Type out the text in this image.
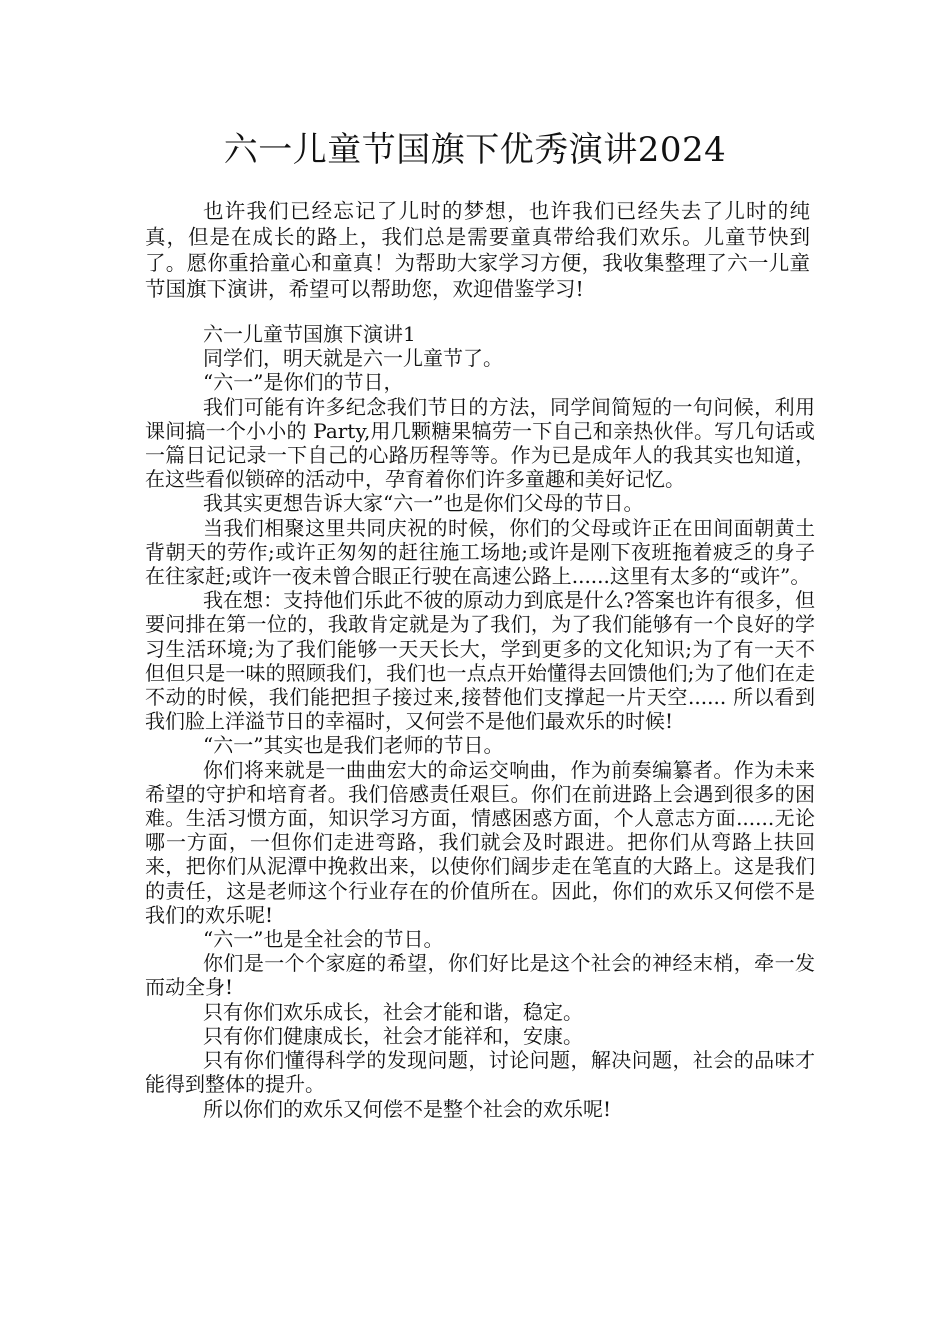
六一儿童节国旗下优秀演讲2024

也许我们已经忘记了儿时的梦想，也许我们已经失去了儿时的纯真，但是在成长的路上，我们总是需要童真带给我们欢乐。儿童节快到了。愿你重拾童心和童真！为帮助大家学习方便，我收集整理了六一儿童节国旗下演讲，希望可以帮助您，欢迎借鉴学习!

六一儿童节国旗下演讲1

同学们，明天就是六一儿童节了。

“六一”是你们的节日，

我们可能有许多纪念我们节日的方法，同学间简短的一句问候，利用课间搞一个小小的 Party,用几颗糖果犒劳一下自己和亲热伙伴。写几句话或一篇日记记录一下自己的心路历程等等。作为已是成年人的我其实也知道，在这些看似锁碎的活动中，孕育着你们许多童趣和美好记忆。

我其实更想告诉大家“六一”也是你们父母的节日。

当我们相聚这里共同庆祝的时候，你们的父母或许正在田间面朝黄土背朝天的劳作;或许正匆匆的赶往施工场地;或许是刚下夜班拖着疲乏的身子在往家赶;或许一夜未曾合眼正行驶在高速公路上......这里有太多的“或许”。

我在想：支持他们乐此不彼的原动力到底是什么?答案也许有很多，但要问排在第一位的，我敢肯定就是为了我们，为了我们能够有一个良好的学习生活环境;为了我们能够一天天长大，学到更多的文化知识;为了有一天不但但只是一味的照顾我们，我们也一点点开始懂得去回馈他们;为了他们在走不动的时候，我们能把担子接过来,接替他们支撑起一片天空...... 所以看到我们脸上洋溢节日的幸福时，又何尝不是他们最欢乐的时候!

“六一”其实也是我们老师的节日。

你们将来就是一曲曲宏大的命运交响曲，作为前奏编纂者。作为未来希望的守护和培育者。我们倍感责任艰巨。你们在前进路上会遇到很多的困难。生活习惯方面，知识学习方面，情感困惑方面，个人意志方面......无论哪一方面，一但你们走进弯路，我们就会及时跟进。把你们从弯路上扶回来，把你们从泥潭中挽救出来，以使你们阔步走在笔直的大路上。这是我们的责任，这是老师这个行业存在的价值所在。因此，你们的欢乐又何偿不是我们的欢乐呢!

“六一”也是全社会的节日。

你们是一个个家庭的希望，你们好比是这个社会的神经末梢，牵一发而动全身!

只有你们欢乐成长，社会才能和谐，稳定。

只有你们健康成长，社会才能祥和，安康。

只有你们懂得科学的发现问题，讨论问题，解决问题，社会的品味才能得到整体的提升。

所以你们的欢乐又何偿不是整个社会的欢乐呢!
